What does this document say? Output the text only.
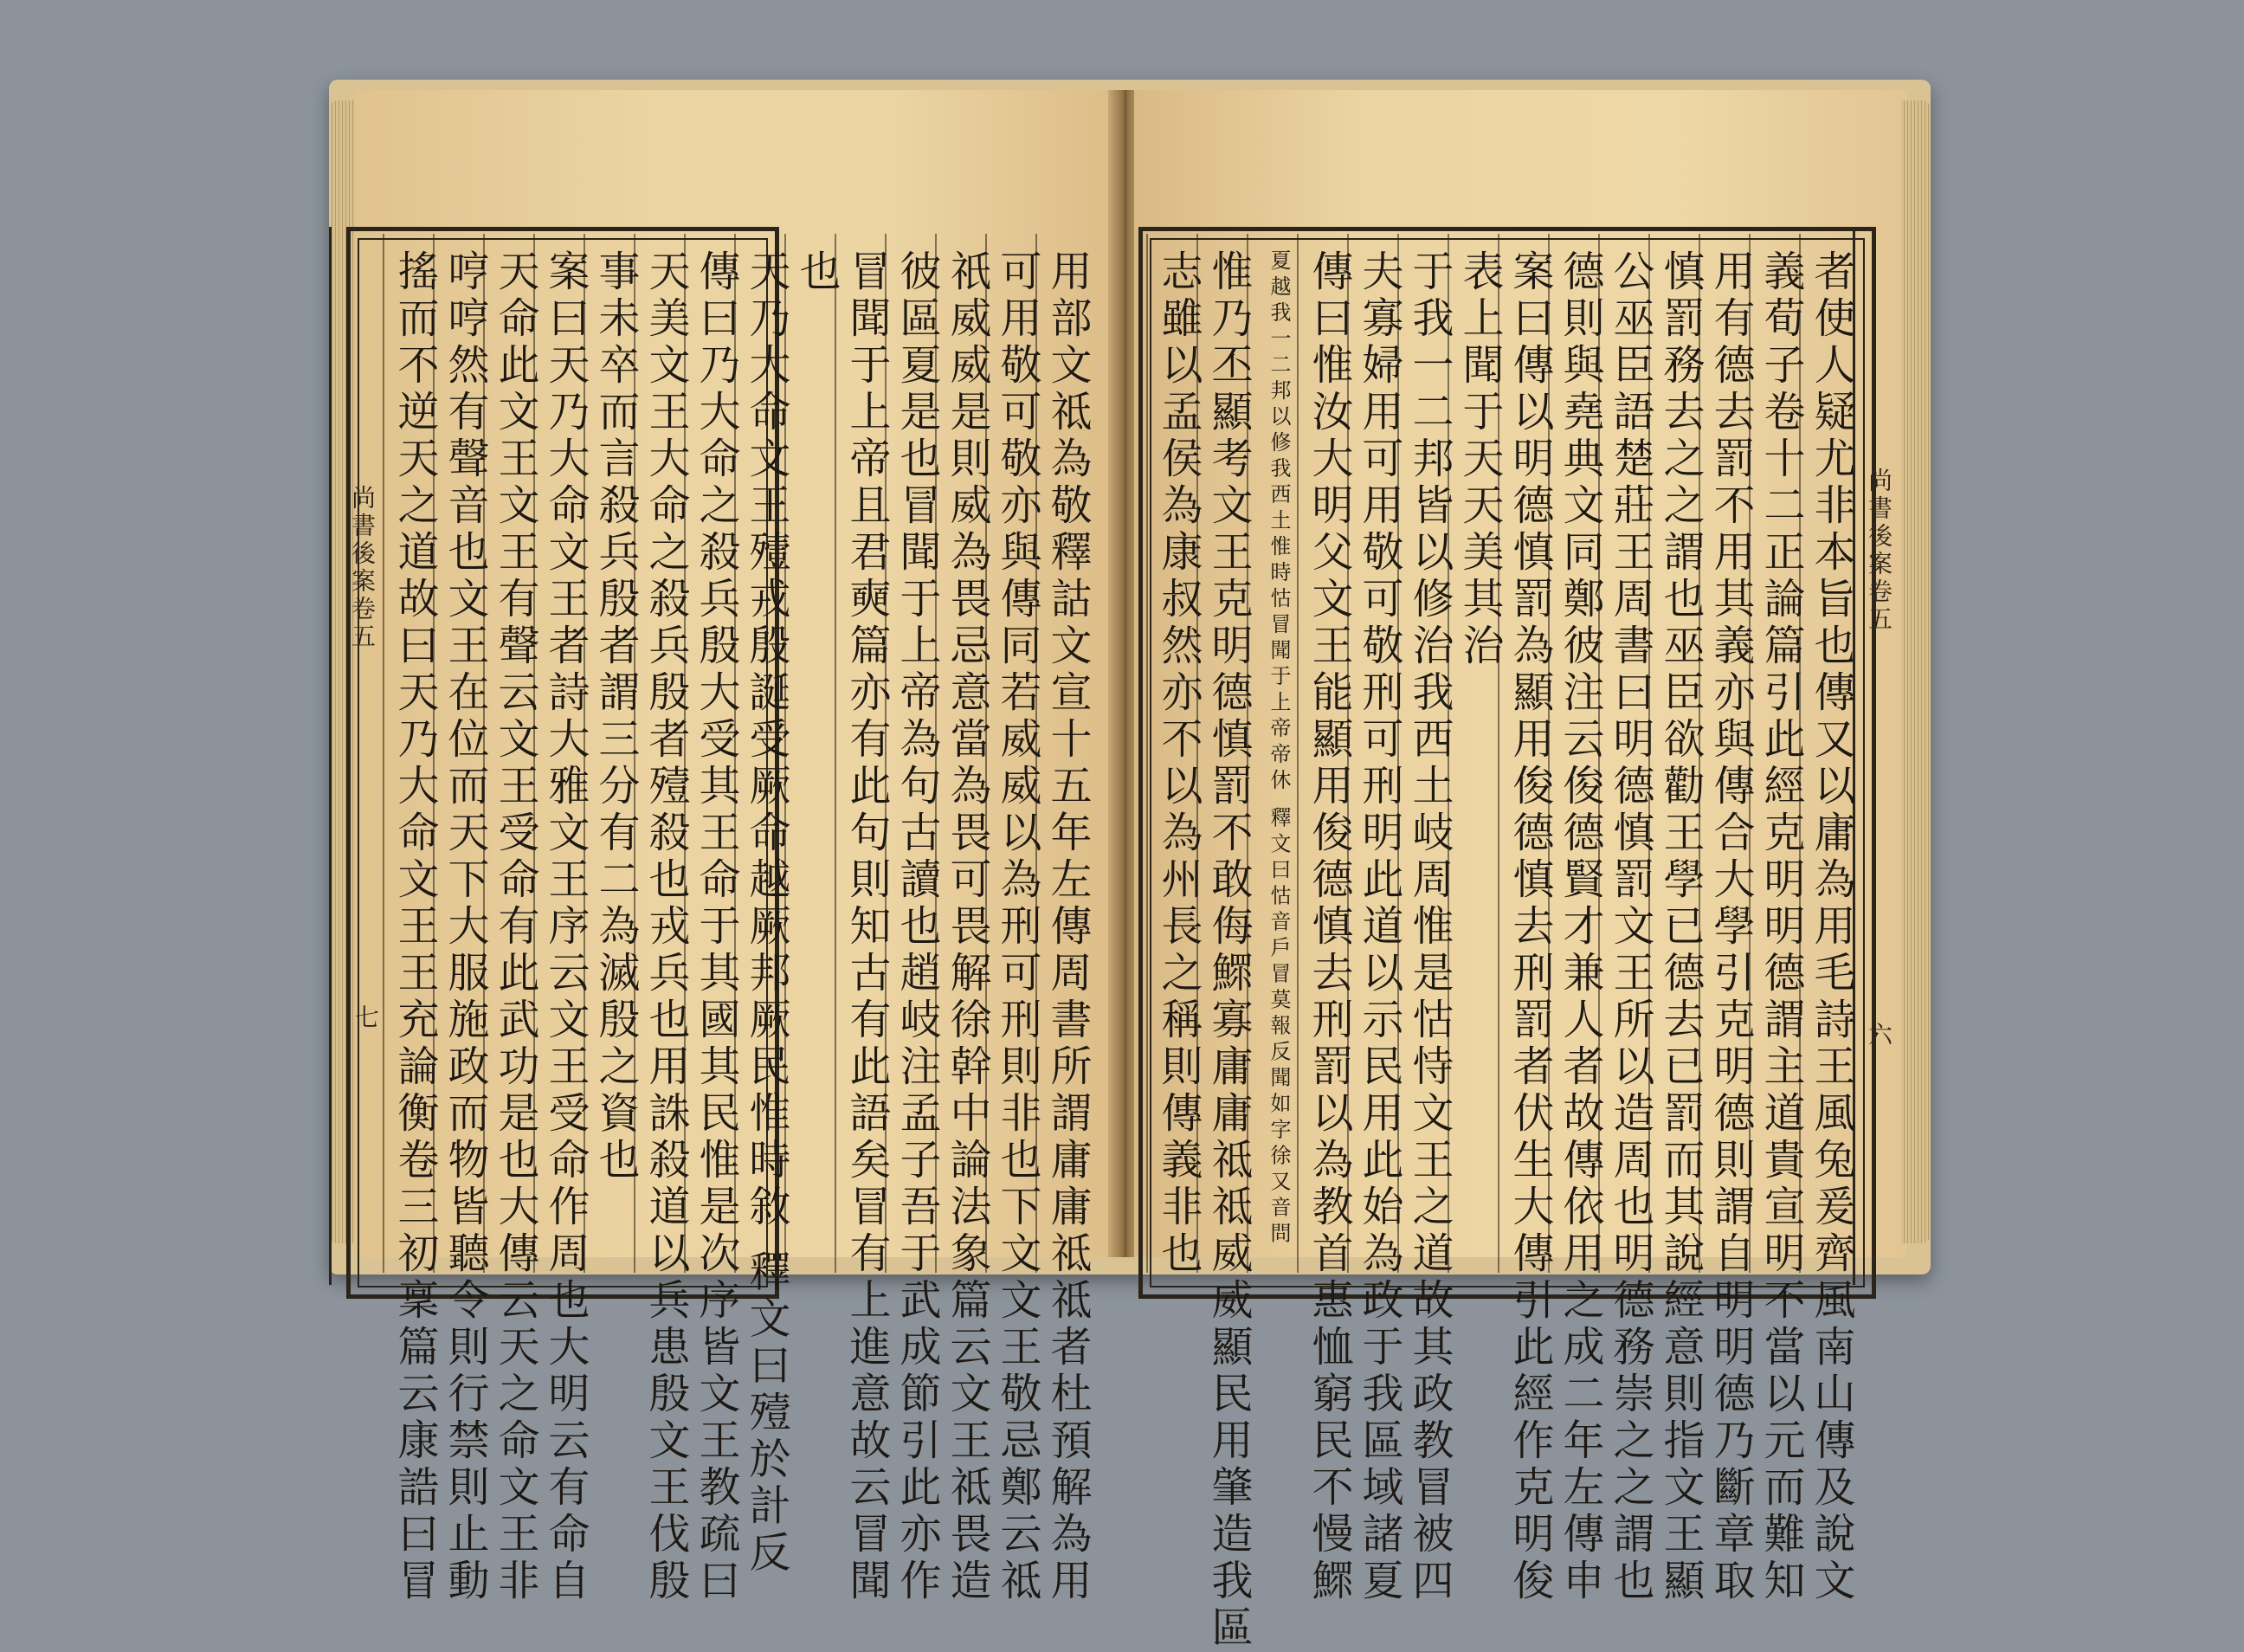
尚書後案卷五
七 搖而不逆天之道故曰天乃大命文王王充論衡卷三初稟篇云康誥曰冒 哼哼然有聲音也文王在位而天下大服施政而物皆聽令則行禁則止動 天命此文王文王有聲云文王受命有此武功是也大傳云天之命文王非 案曰天乃大命文王者詩大雅文王序云文王受命作周也大明云有命自 事未卒而言殺兵殷者謂三分有二為滅殷之資也 天美文王大命之殺兵殷者殪殺也戎兵也用誅殺道以兵患殷文王伐殷 傳曰乃大命之殺兵殷大受其王命于其國其民惟是次序皆文王教疏曰 天乃大命文王殪戎殷誕受厥命越厥邦厥民惟時敘 釋文曰殪於計反 也 冒聞于上帝且君奭篇亦有此句則知古有此語矣冒有上進意故云冒聞 彼區夏是也冒聞于上帝為句古讀也趙岐注孟子吾于武成節引此亦作 祇威威是則威為畏忌意當為畏可畏解徐幹中論法象篇云文王祗畏造 可用敬可敬亦與傳同若威威以為刑可刑則非也下文文王敬忌鄭云祗 用部文祗為敬釋詁文宣十五年左傳周書所謂庸庸祗祗者杜預解為用	尚書後案卷五
六
志雖以孟侯為康叔然亦不以為州長之稱則傳義非也 惟乃丕顯考文王克明德慎罰不敢侮鰥寡庸庸祗祗威威顯民用肇造我區 夏越我一二邦以修我西土惟時怙冒聞于上帝帝休 釋文曰怙音戶冒莫報反聞如字徐又音問 傳曰惟汝大明父文王能顯用俊德慎去刑罰以為教首惠恤窮民不慢鰥 夫寡婦用可用敬可敬刑可刑明此道以示民用此始為政于我區域諸夏 于我一二邦皆以修治我西土岐周惟是怙恃文王之道故其政教冒被四 表上聞于天天美其治 案曰傳以明德慎罰為顯用俊德慎去刑罰者伏生大傳引此經作克明俊 德則與堯典文同鄭彼注云俊德賢才兼人者故傳依用之成二年左傳申 公巫臣語楚莊王周書曰明德慎罰文王所以造周也明德務崇之之謂也 慎罰務去之之謂也巫臣欲勸王學已德去已罰而其說經意則指文王顯 用有德去罰不用其義亦與傳合大學引克明德則謂自明明德乃斷章取 義荀子卷十二正論篇引此經克明明德謂主道貴宣明不當以元而難知 者使人疑尤非本旨也傳又以庸為用毛詩王風兔爰齊風南山傳及說文
